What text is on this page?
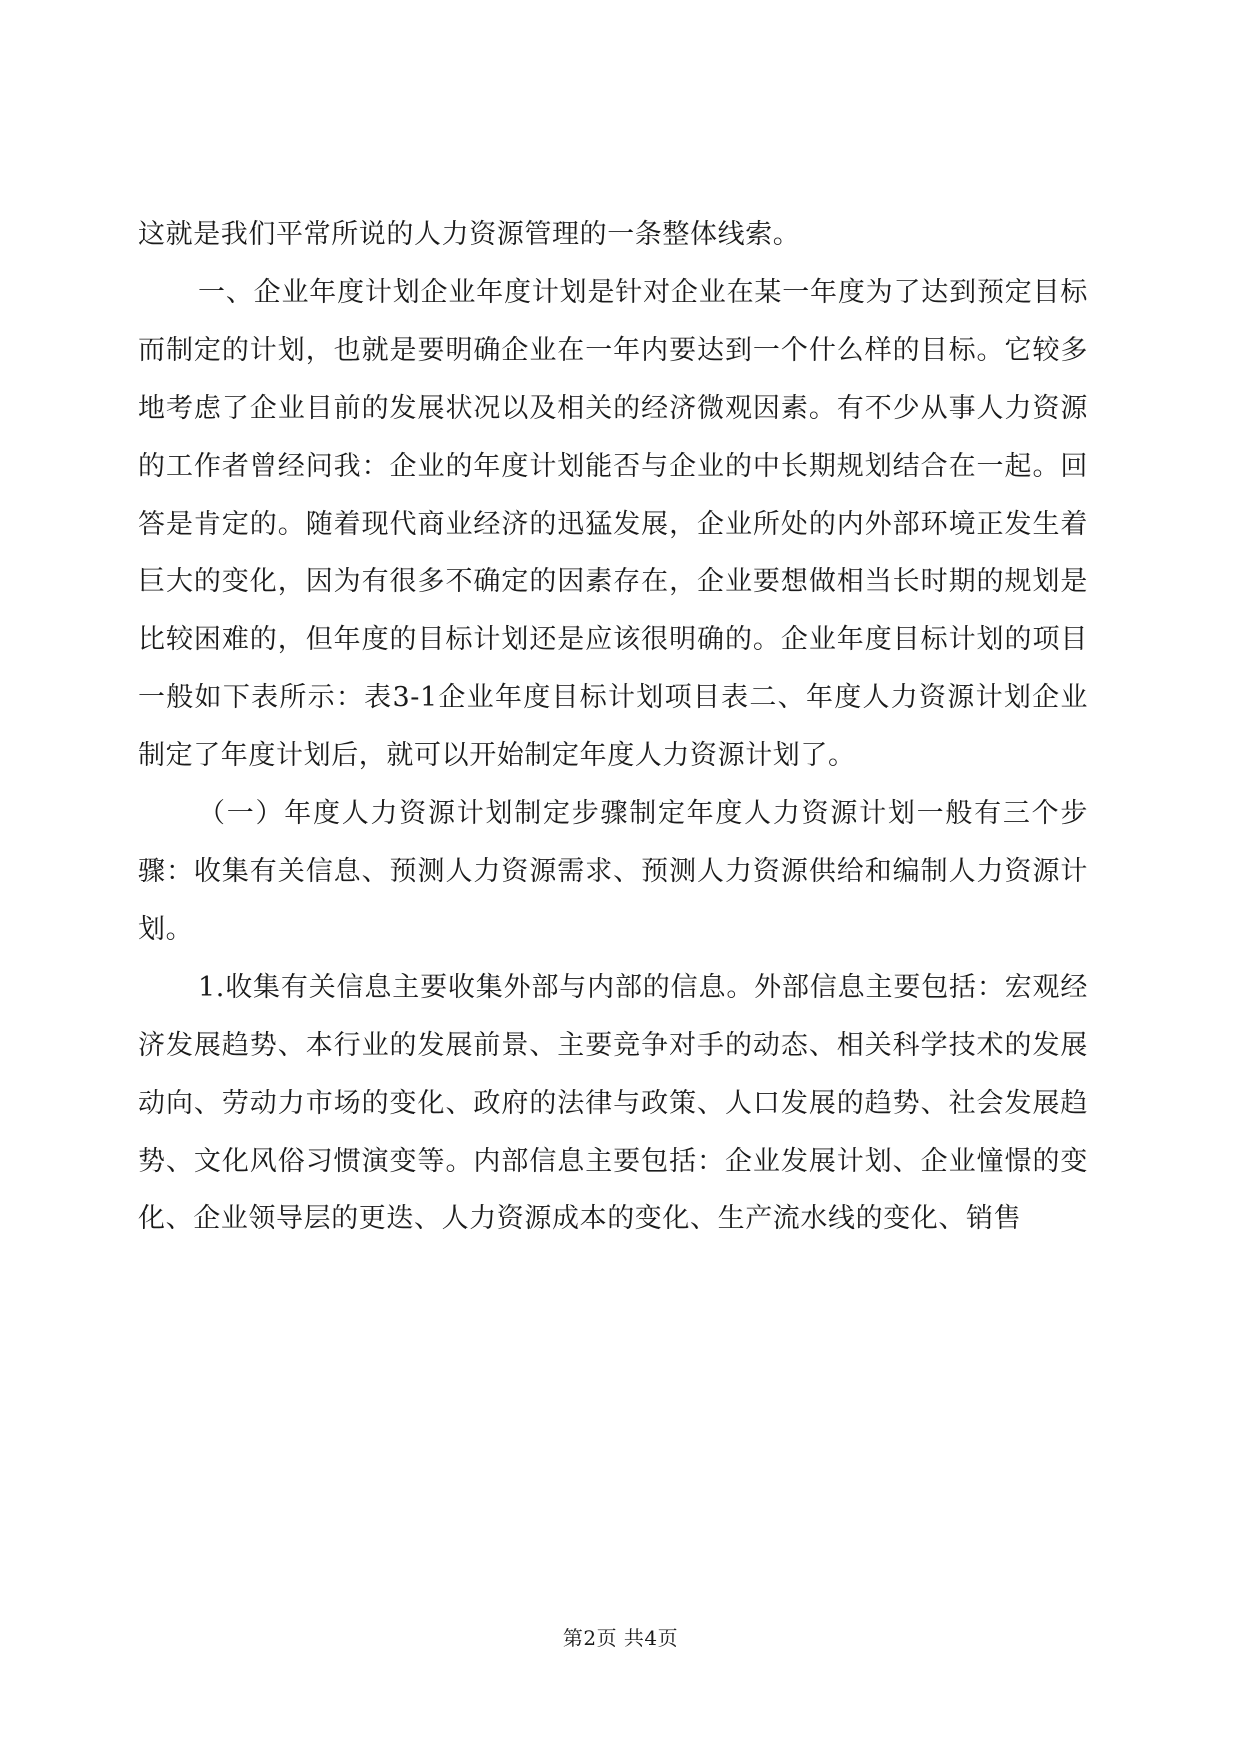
这就是我们平常所说的人力资源管理的一条整体线索。

一、企业年度计划企业年度计划是针对企业在某一年度为了达到预定目标而制定的计划，也就是要明确企业在一年内要达到一个什么样的目标。它较多地考虑了企业目前的发展状况以及相关的经济微观因素。有不少从事人力资源的工作者曾经问我：企业的年度计划能否与企业的中长期规划结合在一起。回答是肯定的。随着现代商业经济的迅猛发展，企业所处的内外部环境正发生着巨大的变化，因为有很多不确定的因素存在，企业要想做相当长时期的规划是比较困难的，但年度的目标计划还是应该很明确的。企业年度目标计划的项目一般如下表所示：表3-1企业年度目标计划项目表二、年度人力资源计划企业制定了年度计划后，就可以开始制定年度人力资源计划了。

（一）年度人力资源计划制定步骤制定年度人力资源计划一般有三个步骤：收集有关信息、预测人力资源需求、预测人力资源供给和编制人力资源计划。

1.收集有关信息主要收集外部与内部的信息。外部信息主要包括：宏观经济发展趋势、本行业的发展前景、主要竞争对手的动态、相关科学技术的发展动向、劳动力市场的变化、政府的法律与政策、人口发展的趋势、社会发展趋势、文化风俗习惯演变等。内部信息主要包括：企业发展计划、企业憧憬的变化、企业领导层的更迭、人力资源成本的变化、生产流水线的变化、销售

第2页 共4页
